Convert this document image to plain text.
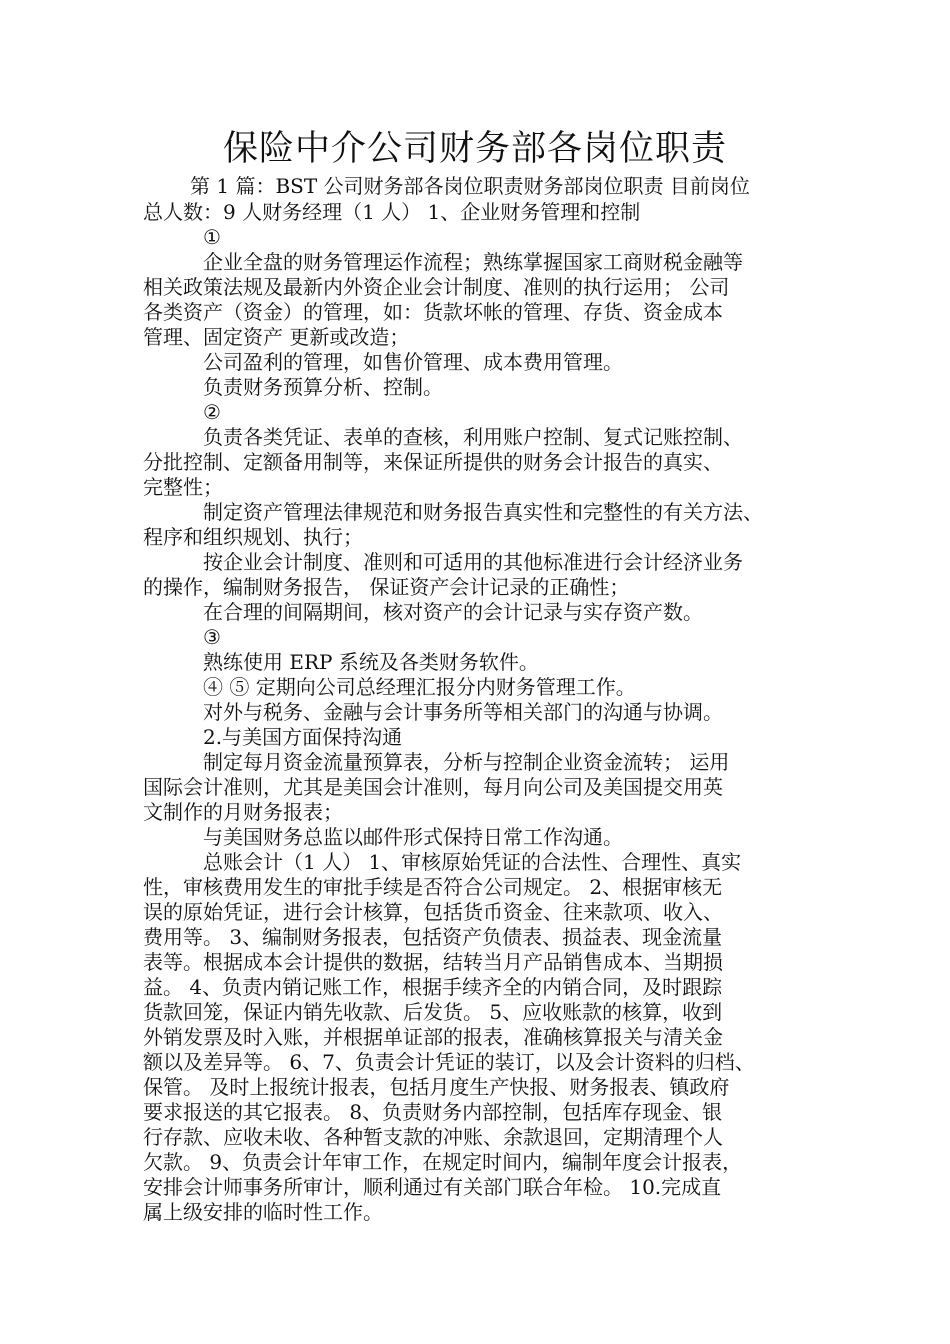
保险中介公司财务部各岗位职责
第 1 篇：BST 公司财务部各岗位职责财务部岗位职责 目前岗位
总人数：9 人财务经理（1 人） 1、企业财务管理和控制
①
企业全盘的财务管理运作流程；熟练掌握国家工商财税金融等
相关政策法规及最新内外资企业会计制度、准则的执行运用； 公司
各类资产（资金）的管理，如：货款坏帐的管理、存货、资金成本
管理、固定资产 更新或改造；
公司盈利的管理，如售价管理、成本费用管理。
负责财务预算分析、控制。
②
负责各类凭证、表单的查核，利用账户控制、复式记账控制、
分批控制、定额备用制等，来保证所提供的财务会计报告的真实、
完整性；
制定资产管理法律规范和财务报告真实性和完整性的有关方法、
程序和组织规划、执行；
按企业会计制度、准则和可适用的其他标准进行会计经济业务
的操作，编制财务报告， 保证资产会计记录的正确性；
在合理的间隔期间，核对资产的会计记录与实存资产数。
③
熟练使用 ERP 系统及各类财务软件。
④ ⑤ 定期向公司总经理汇报分内财务管理工作。
对外与税务、金融与会计事务所等相关部门的沟通与协调。
2.与美国方面保持沟通
制定每月资金流量预算表，分析与控制企业资金流转； 运用
国际会计准则，尤其是美国会计准则，每月向公司及美国提交用英
文制作的月财务报表；
与美国财务总监以邮件形式保持日常工作沟通。
总账会计（1 人） 1、审核原始凭证的合法性、合理性、真实
性，审核费用发生的审批手续是否符合公司规定。 2、根据审核无
误的原始凭证，进行会计核算，包括货币资金、往来款项、收入、
费用等。 3、编制财务报表，包括资产负债表、损益表、现金流量
表等。根据成本会计提供的数据，结转当月产品销售成本、当期损
益。 4、负责内销记账工作，根据手续齐全的内销合同，及时跟踪
货款回笼，保证内销先收款、后发货。 5、应收账款的核算，收到
外销发票及时入账，并根据单证部的报表，准确核算报关与清关金
额以及差异等。 6、7、负责会计凭证的装订，以及会计资料的归档、
保管。 及时上报统计报表，包括月度生产快报、财务报表、镇政府
要求报送的其它报表。 8、负责财务内部控制，包括库存现金、银
行存款、应收未收、各种暂支款的冲账、余款退回，定期清理个人
欠款。 9、负责会计年审工作，在规定时间内，编制年度会计报表，
安排会计师事务所审计，顺利通过有关部门联合年检。 10.完成直
属上级安排的临时性工作。
